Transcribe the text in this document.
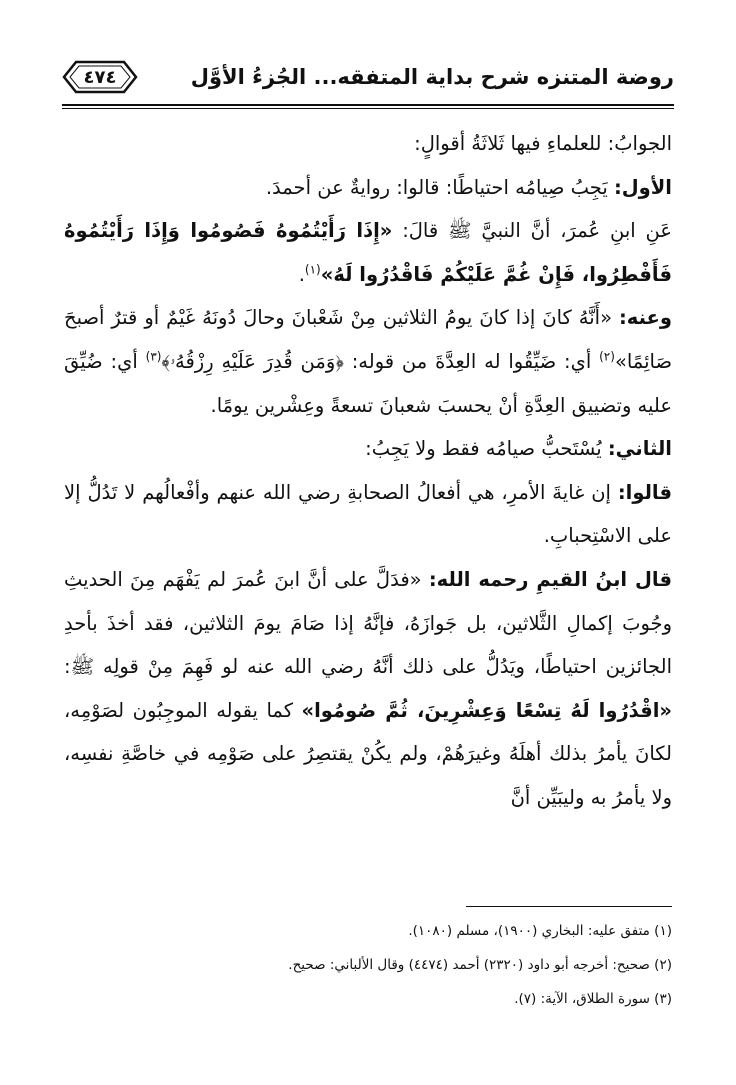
روضة المتنزه شرح بداية المتفقه... الجُزءُ الأوَّل
٤٧٤

الجوابُ: للعلماءِ فيها ثَلاثَةُ أقوالٍ:

الأول: يَجِبُ صِيامُه احتياطًا: قالوا: روايةٌ عن أحمدَ.

عَنِ ابنِ عُمرَ، أنَّ النبيَّ ﷺ قالَ: «إِذَا رَأَيْتُمُوهُ فَصُومُوا وَإِذَا رَأَيْتُمُوهُ فَأَفْطِرُوا، فَإِنْ غُمَّ عَلَيْكُمْ فَاقْدُرُوا لَهُ»$^{(١)}$.

وعنه: «أَنَّهُ كانَ إذا كانَ يومُ الثلاثين مِنْ شَعْبانَ وحالَ دُونَهُ غَيْمٌ أو قترٌ أصبحَ صَائِمًا»$^{(٢)}$ أي: ضَيِّقُوا له العِدَّةَ من قوله: ﴿وَمَن قُدِرَ عَلَيْهِ رِزْقُهُۥ﴾$^{(٣)}$ أي: ضُيِّقَ عليه وتضييق العِدَّةِ أنْ يحسبَ شعبانَ تسعةً وعِشْرين يومًا.

الثاني: يُسْتَحبُّ صيامُه فقط ولا يَجِبُ:

قالوا: إن غايةَ الأمرِ، هي أفعالُ الصحابةِ رضي الله عنهم وأفْعالُهم لا تَدُلُّ إلا على الاسْتِحبابِ.

قال ابنُ القيمِ رحمه الله: «فدَلَّ على أنَّ ابنَ عُمرَ لم يَفْهَم مِنَ الحديثِ وجُوبَ إكمالِ الثَّلاثين، بل جَوازَهُ، فإنَّهُ إذا صَامَ يومَ الثلاثين، فقد أخذَ بأحدِ الجائزين احتياطًا، ويَدُلُّ على ذلك أنَّهُ رضي الله عنه لو فَهِمَ مِنْ قولِه ﷺ: «اقْدُرُوا لَهُ تِسْعًا وَعِشْرِينَ، ثُمَّ صُومُوا» كما يقوله الموجِبُون لصَوْمِه، لكانَ يأمرُ بذلك أهلَهُ وغيرَهُمْ، ولم يكُنْ يقتصِرُ على صَوْمِه في خاصَّةِ نفسِه، ولا يأمرُ به وليبَيِّن أنَّ

(١) متفق عليه: البخاري (١٩٠٠)، مسلم (١٠٨٠).

(٢) صحيح: أخرجه أبو داود (٢٣٢٠) أحمد (٤٤٧٤) وقال الألباني: صحيح.

(٣) سورة الطلاق، الآية: (٧).
